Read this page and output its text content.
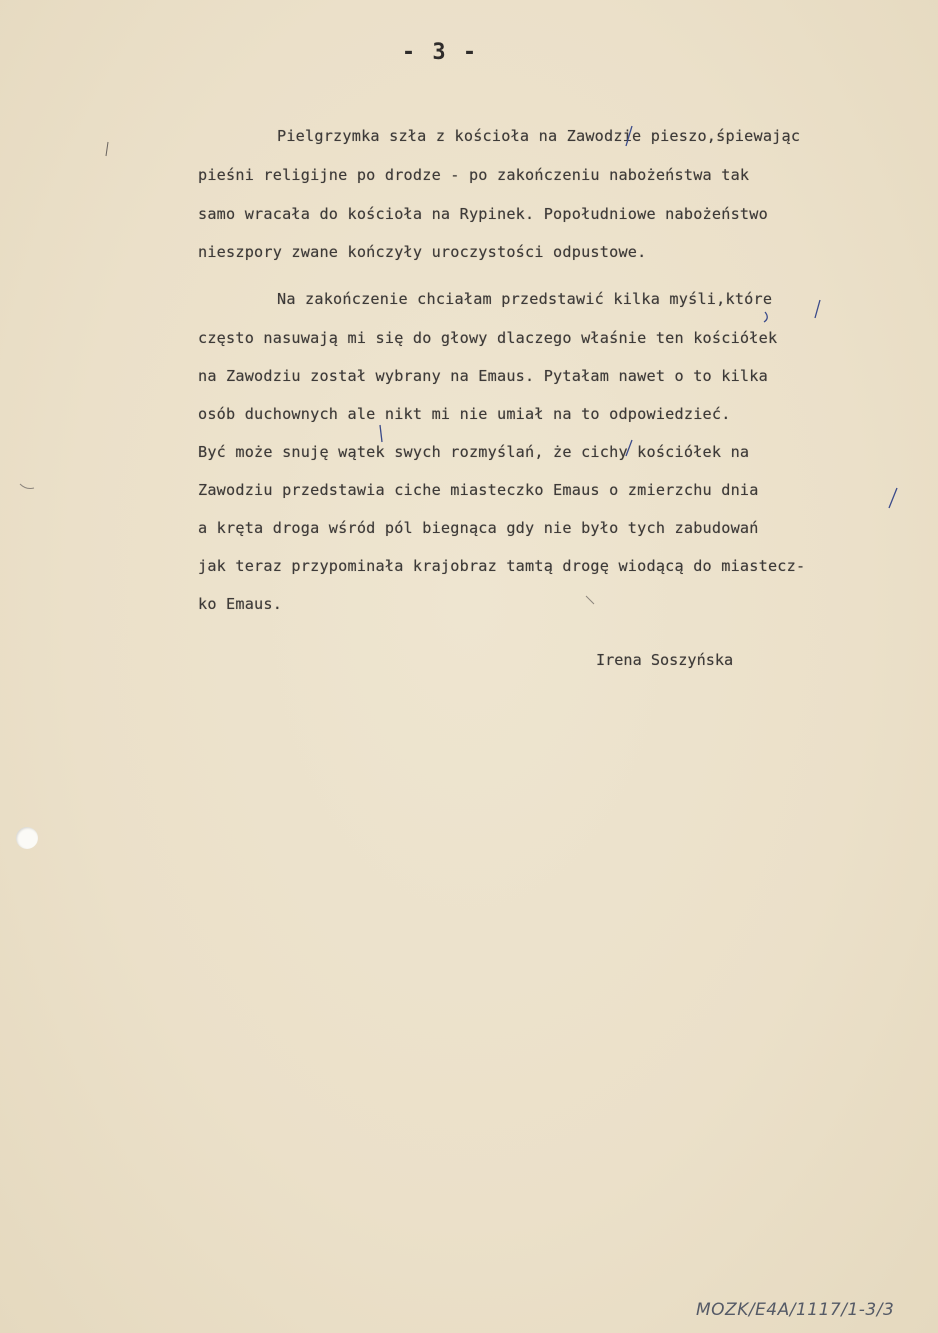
- 3 -
Pielgrzymka szła z kościoła na Zawodzie pieszo,śpiewając
pieśni religijne po drodze - po zakończeniu nabożeństwa tak
samo wracała do kościoła na Rypinek. Popołudniowe nabożeństwo
nieszpory zwane kończyły uroczystości odpustowe.
Na zakończenie chciałam przedstawić kilka myśli,które
często nasuwają mi się do głowy dlaczego właśnie ten kościółek
na Zawodziu został wybrany na Emaus. Pytałam nawet o to kilka
osób duchownych ale nikt mi nie umiał na to odpowiedzieć.
Być może snuję wątek swych rozmyślań, że cichy kościółek na
Zawodziu przedstawia ciche miasteczko Emaus o zmierzchu dnia
a kręta droga wśród pól biegnąca gdy nie było tych zabudowań
jak teraz przypominała krajobraz tamtą drogę wiodącą do miastecz-
ko Emaus.
Irena Soszyńska
MOZK/E4A/1117/1-3/3
